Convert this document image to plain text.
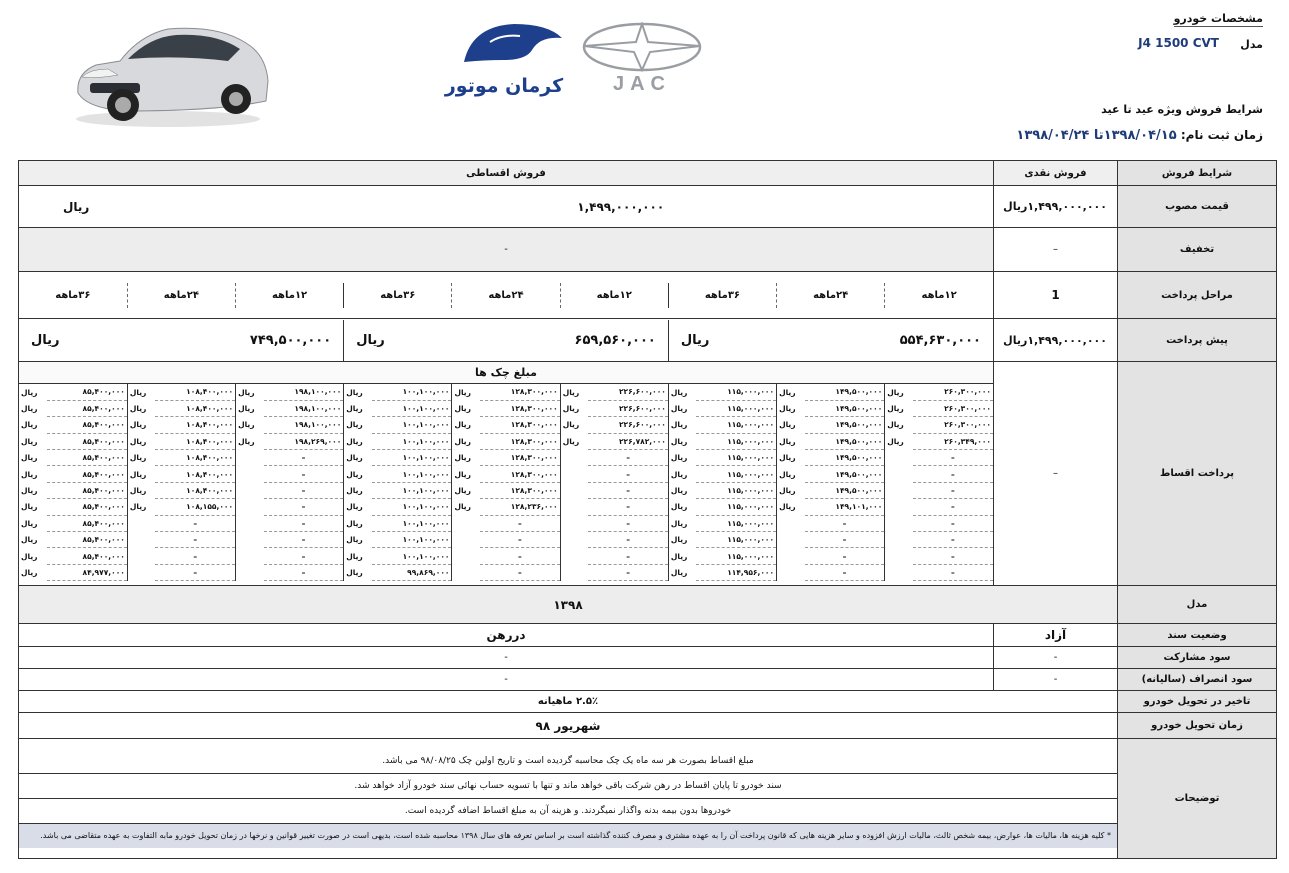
کرمان موتور	JAC
مشخصات خودرو
مدل
J4 1500 CVT
شرایط فروش ویژه عید تا عید
زمان ثبت نام: ۱۳۹۸/۰۴/۱۵تا ۱۳۹۸/۰۴/۲۴
شرایط فروش	فروش نقدی	فروش اقساطی
قیمت مصوب	
۱,۴۹۹,۰۰۰,۰۰۰
ریال

۱,۴۹۹,۰۰۰,۰۰۰
ریال

تخفیف	–	-
مراحل پرداخت	1	
۱۲ماهه	۲۴ماهه	۳۶ماهه	۱۲ماهه	۲۴ماهه	۳۶ماهه	۱۲ماهه	۲۴ماهه	۳۶ماهه

پیش پرداخت	
۱,۴۹۹,۰۰۰,۰۰۰
ریال

۵۵۴,۶۳۰,۰۰۰
ریال

۶۵۹,۵۶۰,۰۰۰
ریال

۷۴۹,۵۰۰,۰۰۰
ریال

پرداخت اقساط	–	
مبلغ چک ها
۲۶۰,۳۰۰,۰۰۰	ریال	۱۴۹,۵۰۰,۰۰۰	ریال	۱۱۵,۰۰۰,۰۰۰	ریال	۲۲۶,۶۰۰,۰۰۰	ریال	۱۲۸,۳۰۰,۰۰۰	ریال	۱۰۰,۱۰۰,۰۰۰	ریال	۱۹۸,۱۰۰,۰۰۰	ریال	۱۰۸,۴۰۰,۰۰۰	ریال	۸۵,۴۰۰,۰۰۰	ریال
۲۶۰,۳۰۰,۰۰۰	ریال	۱۴۹,۵۰۰,۰۰۰	ریال	۱۱۵,۰۰۰,۰۰۰	ریال	۲۲۶,۶۰۰,۰۰۰	ریال	۱۲۸,۳۰۰,۰۰۰	ریال	۱۰۰,۱۰۰,۰۰۰	ریال	۱۹۸,۱۰۰,۰۰۰	ریال	۱۰۸,۴۰۰,۰۰۰	ریال	۸۵,۴۰۰,۰۰۰	ریال
۲۶۰,۳۰۰,۰۰۰	ریال	۱۴۹,۵۰۰,۰۰۰	ریال	۱۱۵,۰۰۰,۰۰۰	ریال	۲۲۶,۶۰۰,۰۰۰	ریال	۱۲۸,۳۰۰,۰۰۰	ریال	۱۰۰,۱۰۰,۰۰۰	ریال	۱۹۸,۱۰۰,۰۰۰	ریال	۱۰۸,۴۰۰,۰۰۰	ریال	۸۵,۴۰۰,۰۰۰	ریال
۲۶۰,۳۴۹,۰۰۰	ریال	۱۴۹,۵۰۰,۰۰۰	ریال	۱۱۵,۰۰۰,۰۰۰	ریال	۲۲۶,۷۸۲,۰۰۰	ریال	۱۲۸,۳۰۰,۰۰۰	ریال	۱۰۰,۱۰۰,۰۰۰	ریال	۱۹۸,۲۶۹,۰۰۰	ریال	۱۰۸,۴۰۰,۰۰۰	ریال	۸۵,۴۰۰,۰۰۰	ریال
–		۱۴۹,۵۰۰,۰۰۰	ریال	۱۱۵,۰۰۰,۰۰۰	ریال	–		۱۲۸,۳۰۰,۰۰۰	ریال	۱۰۰,۱۰۰,۰۰۰	ریال	–		۱۰۸,۴۰۰,۰۰۰	ریال	۸۵,۴۰۰,۰۰۰	ریال
–		۱۴۹,۵۰۰,۰۰۰	ریال	۱۱۵,۰۰۰,۰۰۰	ریال	–		۱۲۸,۳۰۰,۰۰۰	ریال	۱۰۰,۱۰۰,۰۰۰	ریال	–		۱۰۸,۴۰۰,۰۰۰	ریال	۸۵,۴۰۰,۰۰۰	ریال
–		۱۴۹,۵۰۰,۰۰۰	ریال	۱۱۵,۰۰۰,۰۰۰	ریال	–		۱۲۸,۳۰۰,۰۰۰	ریال	۱۰۰,۱۰۰,۰۰۰	ریال	–		۱۰۸,۴۰۰,۰۰۰	ریال	۸۵,۴۰۰,۰۰۰	ریال
–		۱۴۹,۱۰۱,۰۰۰	ریال	۱۱۵,۰۰۰,۰۰۰	ریال	–		۱۲۸,۲۳۶,۰۰۰	ریال	۱۰۰,۱۰۰,۰۰۰	ریال	–		۱۰۸,۱۵۵,۰۰۰	ریال	۸۵,۴۰۰,۰۰۰	ریال
–		–		۱۱۵,۰۰۰,۰۰۰	ریال	–		–		۱۰۰,۱۰۰,۰۰۰	ریال	–		–		۸۵,۴۰۰,۰۰۰	ریال
–		–		۱۱۵,۰۰۰,۰۰۰	ریال	–		–		۱۰۰,۱۰۰,۰۰۰	ریال	–		–		۸۵,۴۰۰,۰۰۰	ریال
–		–		۱۱۵,۰۰۰,۰۰۰	ریال	–		–		۱۰۰,۱۰۰,۰۰۰	ریال	–		–		۸۵,۴۰۰,۰۰۰	ریال
–		–		۱۱۴,۹۵۶,۰۰۰	ریال	–		–		۹۹,۸۶۹,۰۰۰	ریال	–		–		۸۴,۹۷۷,۰۰۰	ریال

مدل	۱۳۹۸
وضعیت سند	آزاد	دررهن
سود مشارکت	-	-
سود انصراف (سالیانه)	-	-
تاخیر در تحویل خودرو	۲.۵٪ ماهیانه
زمان تحویل خودرو	شهریور ۹۸
توضیحات	
مبلغ اقساط بصورت هر سه ماه یک چک محاسبه گردیده است و تاریخ اولین چک ۹۸/۰۸/۲۵ می باشد.
سند خودرو تا پایان اقساط در رهن شرکت باقی خواهد ماند و تنها با تسویه حساب نهائی سند خودرو آزاد خواهد شد.
خودروها بدون بیمه بدنه واگذار نمیگردند. و هزینه آن به مبلغ اقساط اضافه گردیده است.
* کلیه هزینه ها، مالیات ها، عوارض، بیمه شخص ثالث، مالیات ارزش افزوده و سایر هزینه هایی که قانون پرداخت آن را به عهده مشتری و مصرف کننده گذاشته است بر اساس تعرفه های سال ۱۳۹۸ محاسبه شده است، بدیهی است در صورت تغییر قوانین و نرخها در زمان تحویل خودرو مابه التفاوت به عهده متقاضی می باشد.
